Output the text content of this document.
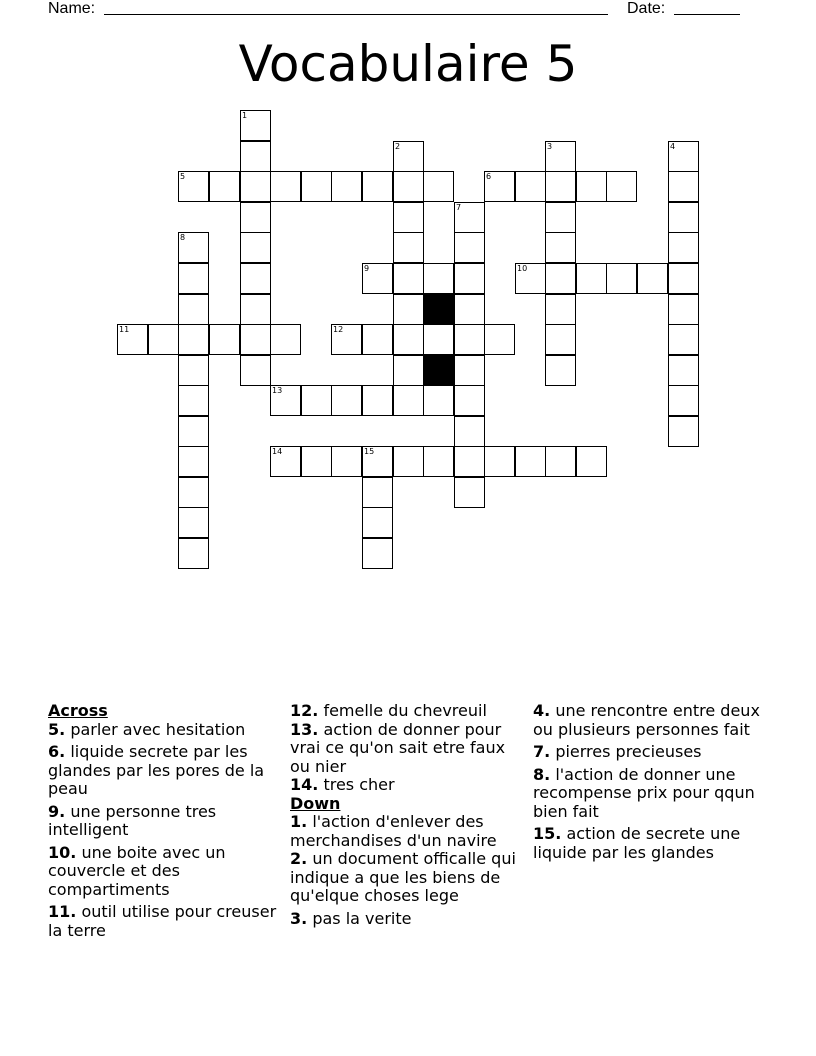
Name:	Date:
Vocabulaire 5
1
2	3	4
5	6
7
8
9	10
11	12
13
14	15
Across
5. parler avec hesitation
6. liquide secrete par les glandes par les pores de la peau
9. une personne tres intelligent
10. une boite avec un couvercle et des compartiments
11. outil utilise pour creuser la terre
12. femelle du chevreuil
13. action de donner pour vrai ce qu'on sait etre faux ou nier
14. tres cher
Down
1. l'action d'enlever des merchandises d'un navire
2. un document officalle qui indique a que les biens de qu'elque choses lege
3. pas la verite
4. une rencontre entre deux ou plusieurs personnes fait
7. pierres precieuses
8. l'action de donner une recompense prix pour qqun bien fait
15. action de secrete une liquide par les glandes
